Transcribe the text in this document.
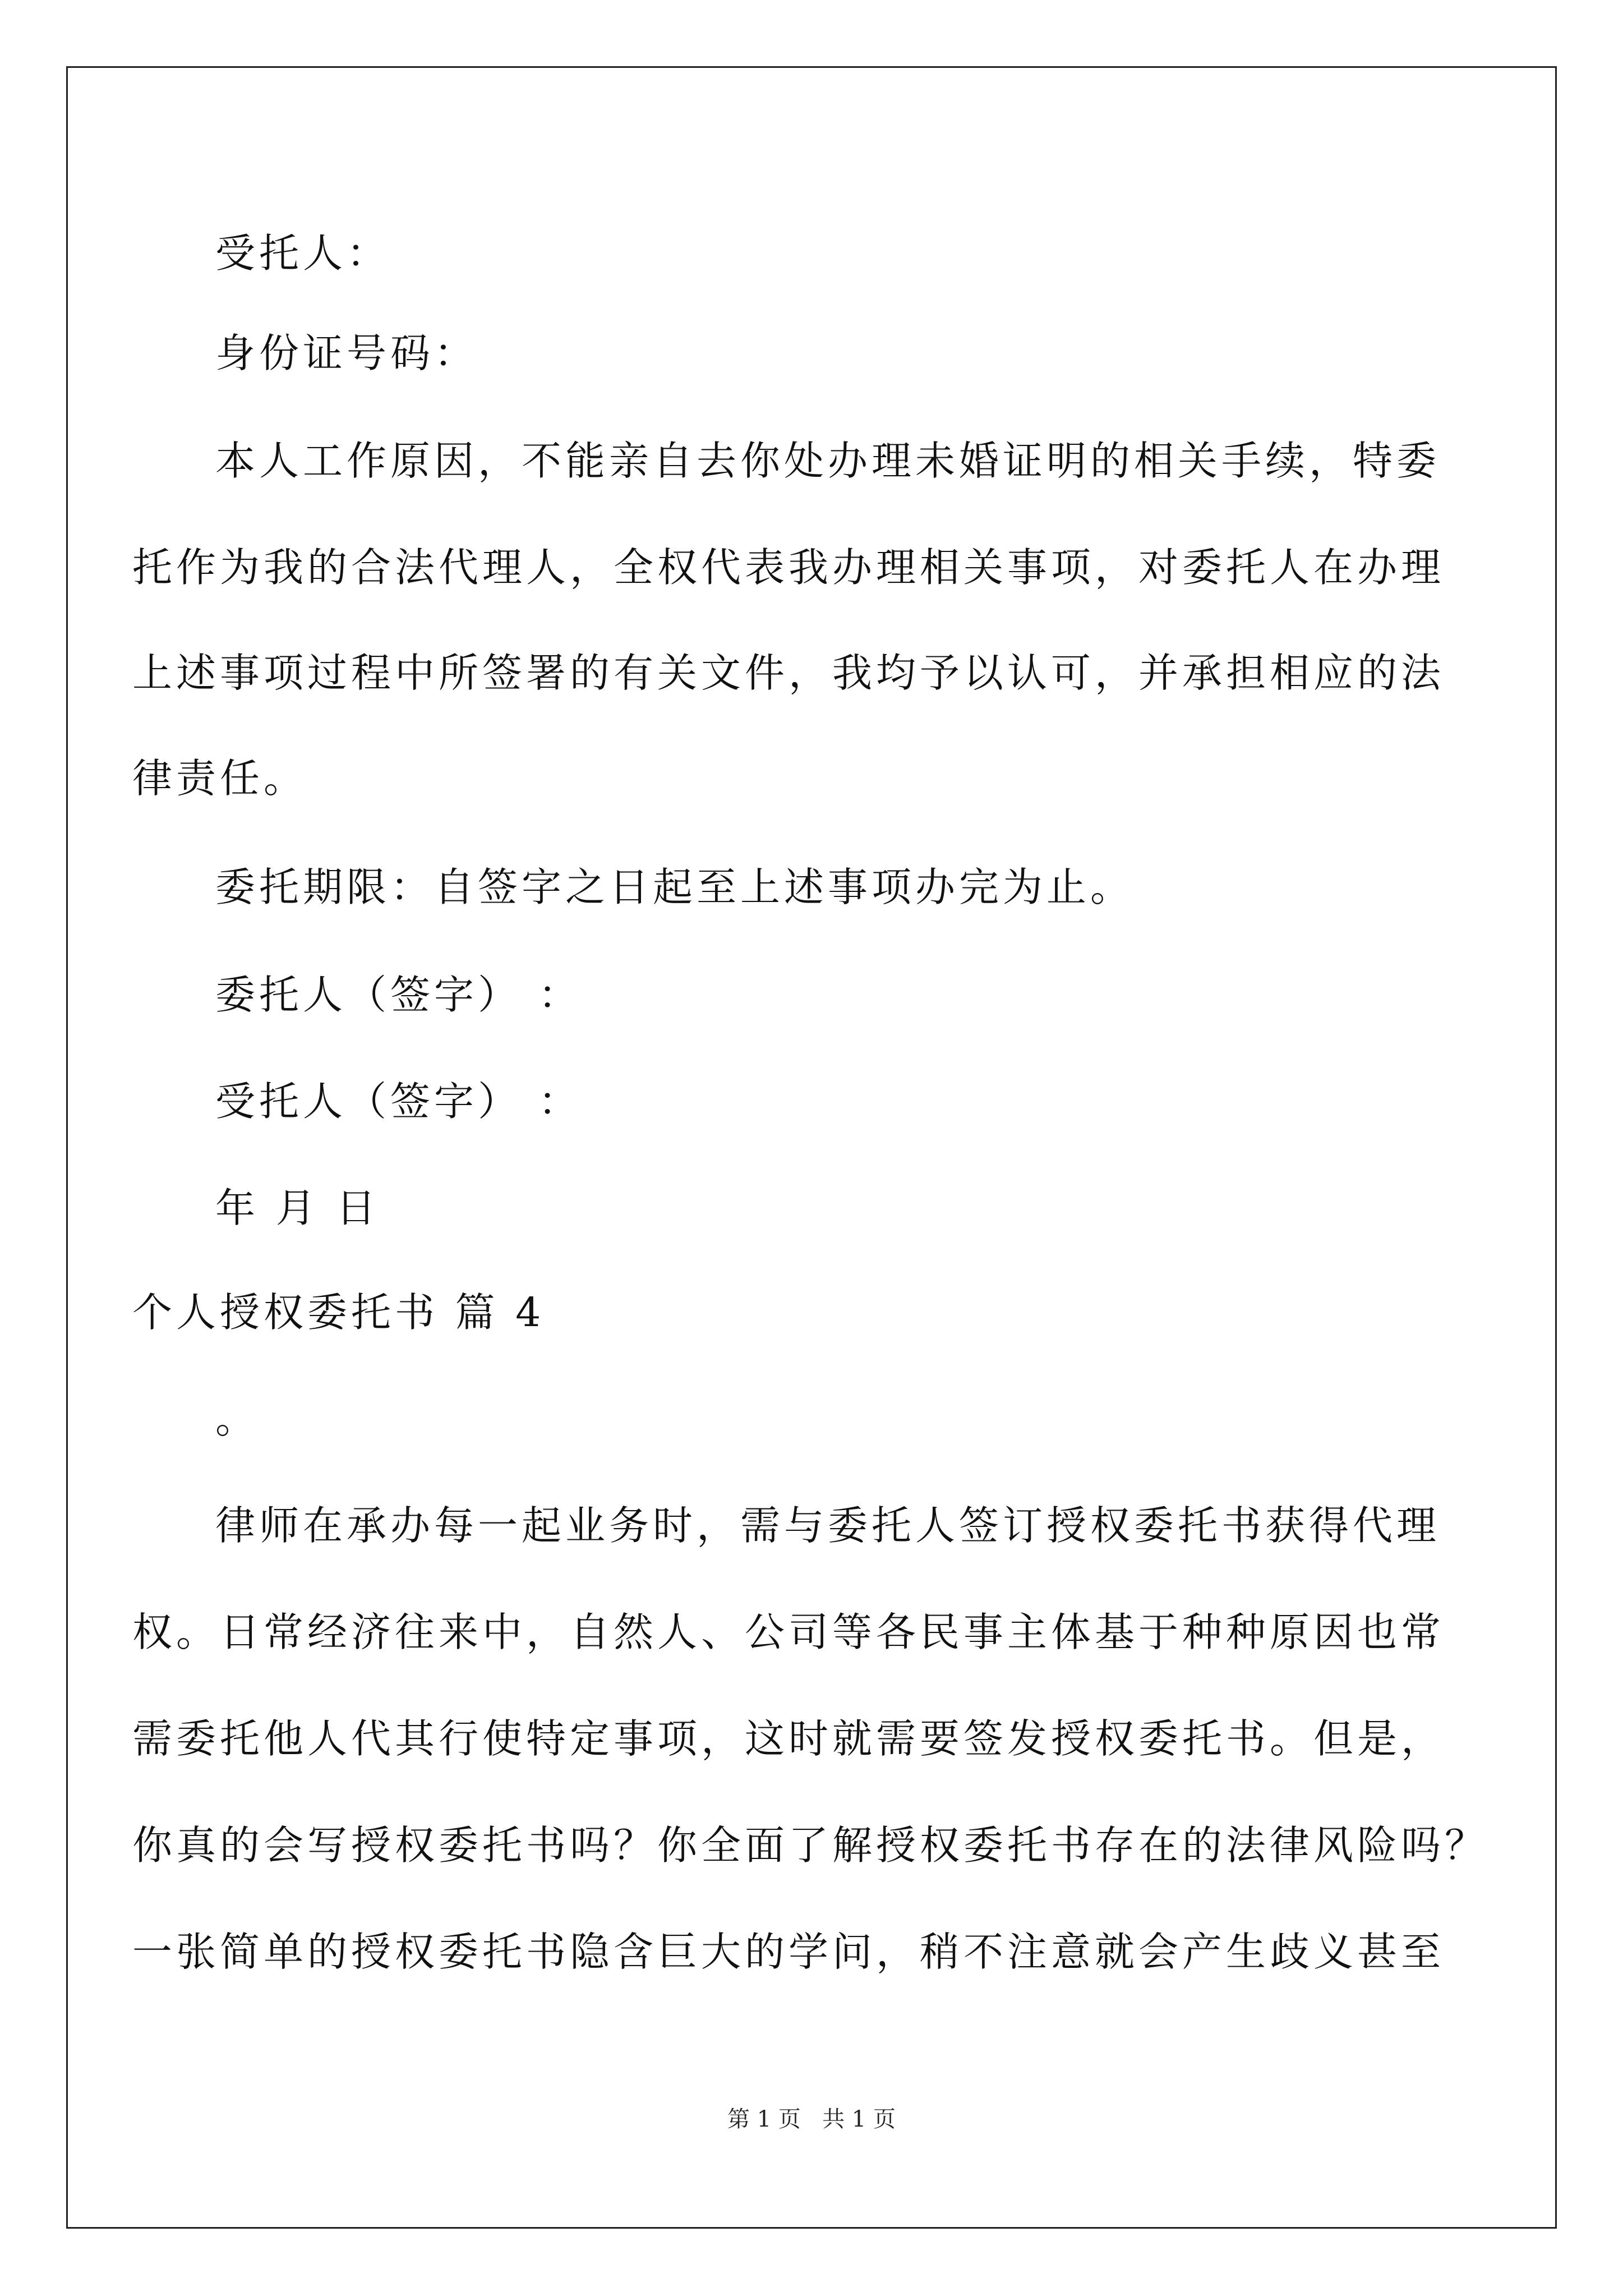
受托人：
身份证号码：
本人工作原因，不能亲自去你处办理未婚证明的相关手续，特委
托作为我的合法代理人，全权代表我办理相关事项，对委托人在办理
上述事项过程中所签署的有关文件，我均予以认可，并承担相应的法
律责任。
委托期限：自签字之日起至上述事项办完为止。
委托人（签字） ：
受托人（签字） ：
年 月 日
个人授权委托书 篇 4
。
律师在承办每一起业务时，需与委托人签订授权委托书获得代理
权。日常经济往来中，自然人、公司等各民事主体基于种种原因也常
需委托他人代其行使特定事项，这时就需要签发授权委托书。但是，
你真的会写授权委托书吗？你全面了解授权委托书存在的法律风险吗？
一张简单的授权委托书隐含巨大的学问，稍不注意就会产生歧义甚至
第 1 页   共 1 页
